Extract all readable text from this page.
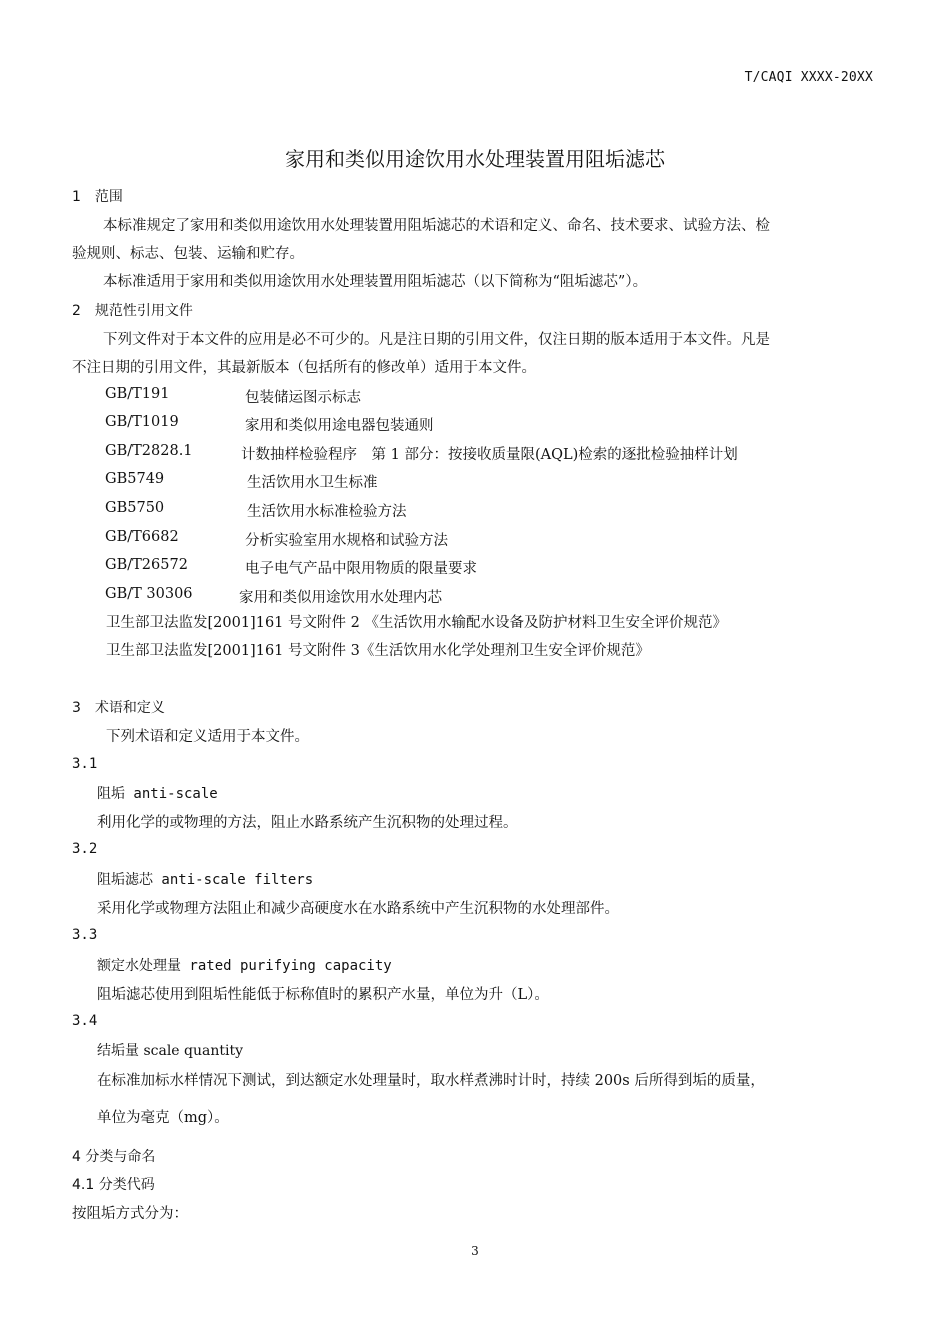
T/CAQI XXXX-20XX
家用和类似用途饮用水处理装置用阻垢滤芯
1　范围
本标准规定了家用和类似用途饮用水处理装置用阻垢滤芯的术语和定义、命名、技术要求、试验方法、检
验规则、标志、包装、运输和贮存。
本标准适用于家用和类似用途饮用水处理装置用阻垢滤芯（以下简称为“阻垢滤芯”）。
2　规范性引用文件
下列文件对于本文件的应用是必不可少的。凡是注日期的引用文件，仅注日期的版本适用于本文件。凡是
不注日期的引用文件，其最新版本（包括所有的修改单）适用于本文件。
GB/T191	包装储运图示标志
GB/T1019	家用和类似用途电器包装通则
GB/T2828.1	计数抽样检验程序　第 1 部分：按接收质量限(AQL)检索的逐批检验抽样计划
GB5749	生活饮用水卫生标准
GB5750	生活饮用水标准检验方法
GB/T6682	分析实验室用水规格和试验方法
GB/T26572	电子电气产品中限用物质的限量要求
GB/T 30306	家用和类似用途饮用水处理内芯
卫生部卫法监发[2001]161 号文附件 2 《生活饮用水输配水设备及防护材料卫生安全评价规范》
卫生部卫法监发[2001]161 号文附件 3《生活饮用水化学处理剂卫生安全评价规范》
3　术语和定义
下列术语和定义适用于本文件。
3.1
阻垢 anti-scale
利用化学的或物理的方法，阻止水路系统产生沉积物的处理过程。
3.2
阻垢滤芯 anti-scale filters
采用化学或物理方法阻止和减少高硬度水在水路系统中产生沉积物的水处理部件。
3.3
额定水处理量 rated purifying capacity
阻垢滤芯使用到阻垢性能低于标称值时的累积产水量，单位为升（L）。
3.4
结垢量 scale quantity
在标准加标水样情况下测试，到达额定水处理量时，取水样煮沸时计时，持续 200s 后所得到垢的质量，
单位为毫克（mg）。
4 分类与命名
4.1 分类代码
按阻垢方式分为：
3
